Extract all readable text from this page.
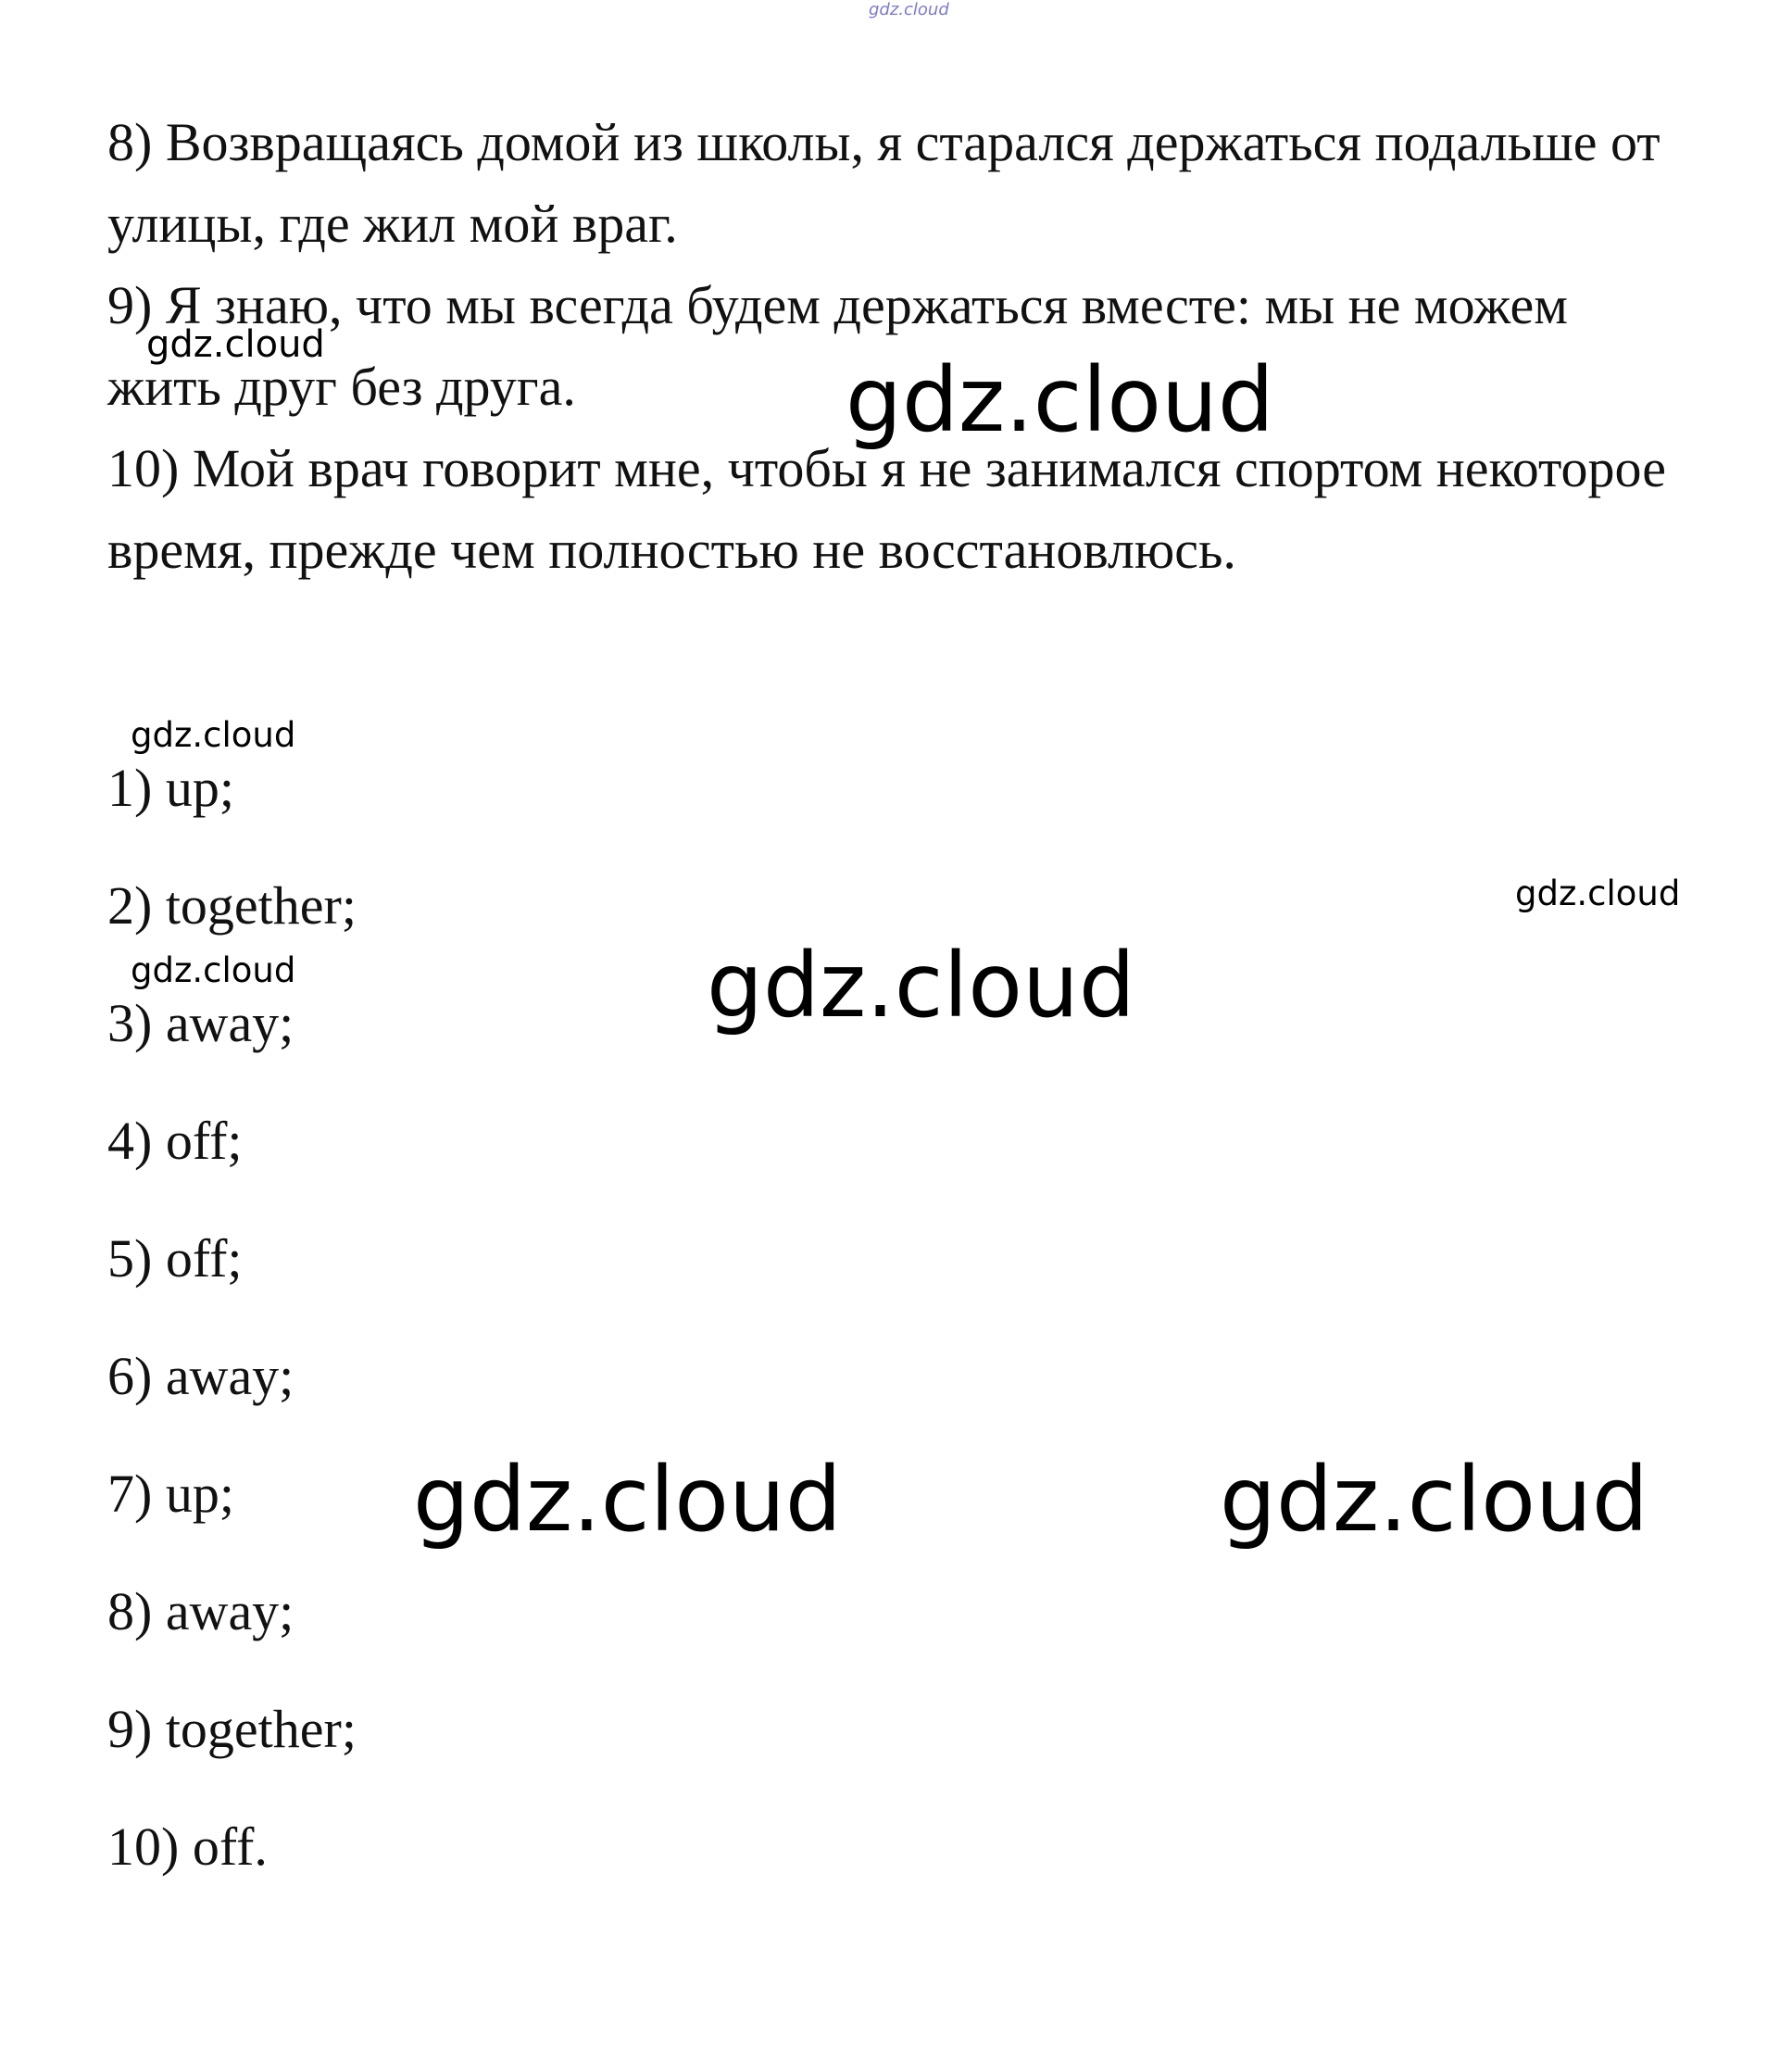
gdz.cloud
8) Возвращаясь домой из школы, я старался держаться подальше от
улицы, где жил мой враг.
9) Я знаю, что мы всегда будем держаться вместе: мы не можем
жить друг без друга.
10) Мой врач говорит мне, чтобы я не занимался спортом некоторое
время, прежде чем полностью не восстановлюсь.
1) up;
2) together;
3) away;
4) off;
5) off;
6) away;
7) up;
8) away;
9) together;
10) off.
gdz.cloud
gdz.cloud
gdz.cloud
gdz.cloud
gdz.cloud
gdz.cloud
gdz.cloud	gdz.cloud
